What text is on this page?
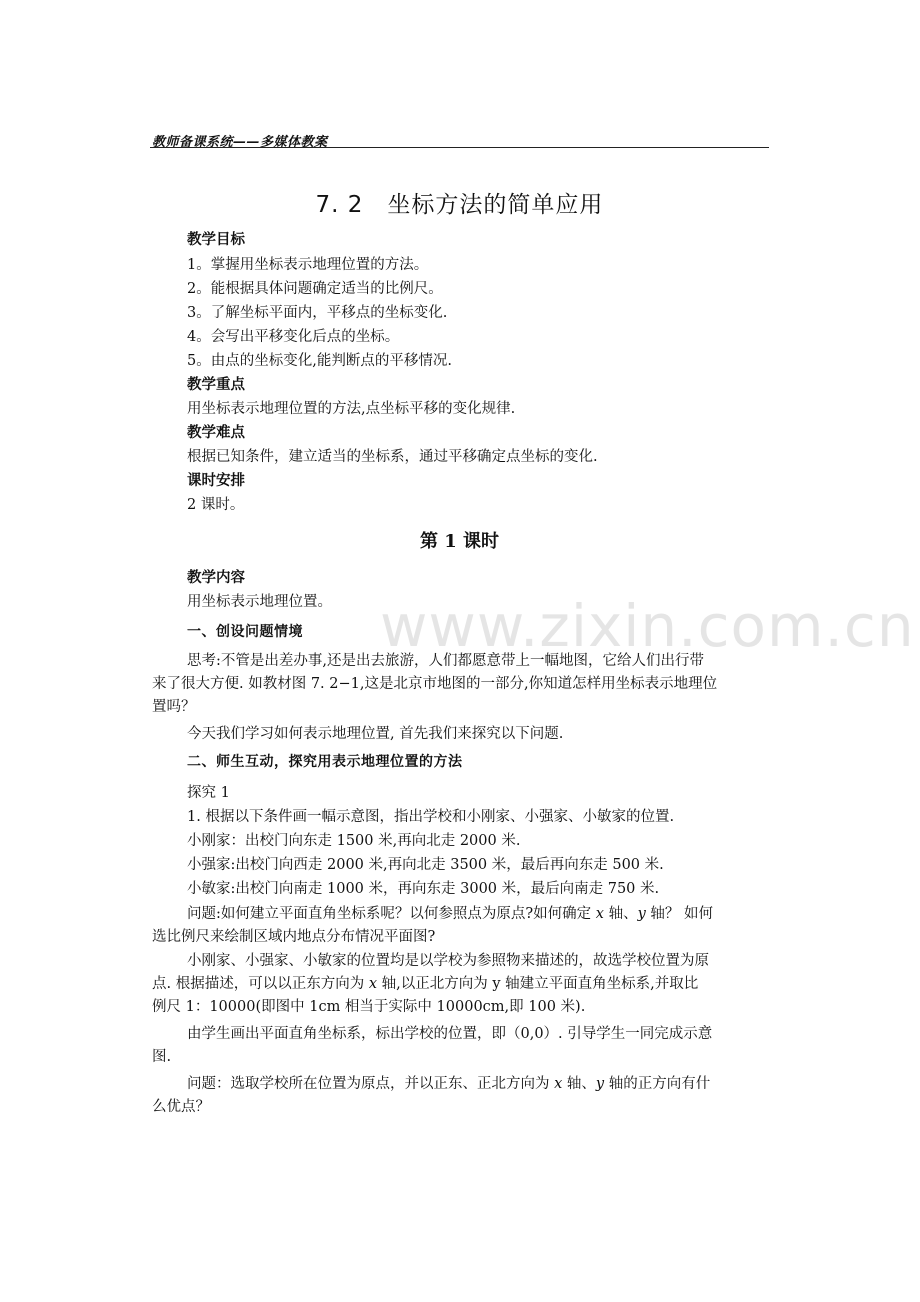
教师备课系统——多媒体教案
7. 2　坐标方法的简单应用
教学目标
1。掌握用坐标表示地理位置的方法。
2。能根据具体问题确定适当的比例尺。
3。了解坐标平面内，平移点的坐标变化.
4。会写出平移变化后点的坐标。
5。由点的坐标变化,能判断点的平移情况.
教学重点
用坐标表示地理位置的方法,点坐标平移的变化规律.
教学难点
根据已知条件，建立适当的坐标系，通过平移确定点坐标的变化.
课时安排
2 课时。
第 1 课时
教学内容
用坐标表示地理位置。
一、创设问题情境
思考:不管是出差办事,还是出去旅游，人们都愿意带上一幅地图，它给人们出行带
来了很大方便. 如教材图 7. 2−1,这是北京市地图的一部分,你知道怎样用坐标表示地理位
置吗？
今天我们学习如何表示地理位置, 首先我们来探究以下问题.
二、师生互动，探究用表示地理位置的方法
探究 1
1. 根据以下条件画一幅示意图，指出学校和小刚家、小强家、小敏家的位置.
小刚家：出校门向东走 1500 米,再向北走 2000 米.
小强家:出校门向西走 2000 米,再向北走 3500 米，最后再向东走 500 米.
小敏家:出校门向南走 1000 米，再向东走 3000 米，最后向南走 750 米.
问题:如何建立平面直角坐标系呢？以何参照点为原点?如何确定 x 轴、y 轴？ 如何
选比例尺来绘制区域内地点分布情况平面图?
小刚家、小强家、小敏家的位置均是以学校为参照物来描述的，故选学校位置为原
点. 根据描述，可以以正东方向为 x 轴,以正北方向为 y 轴建立平面直角坐标系,并取比
例尺 1：10000(即图中 1cm 相当于实际中 10000cm,即 100 米).
由学生画出平面直角坐标系，标出学校的位置，即（0,0）. 引导学生一同完成示意
图.
问题：选取学校所在位置为原点，并以正东、正北方向为 x 轴、y 轴的正方向有什
么优点？
www.zixin.com.cn
